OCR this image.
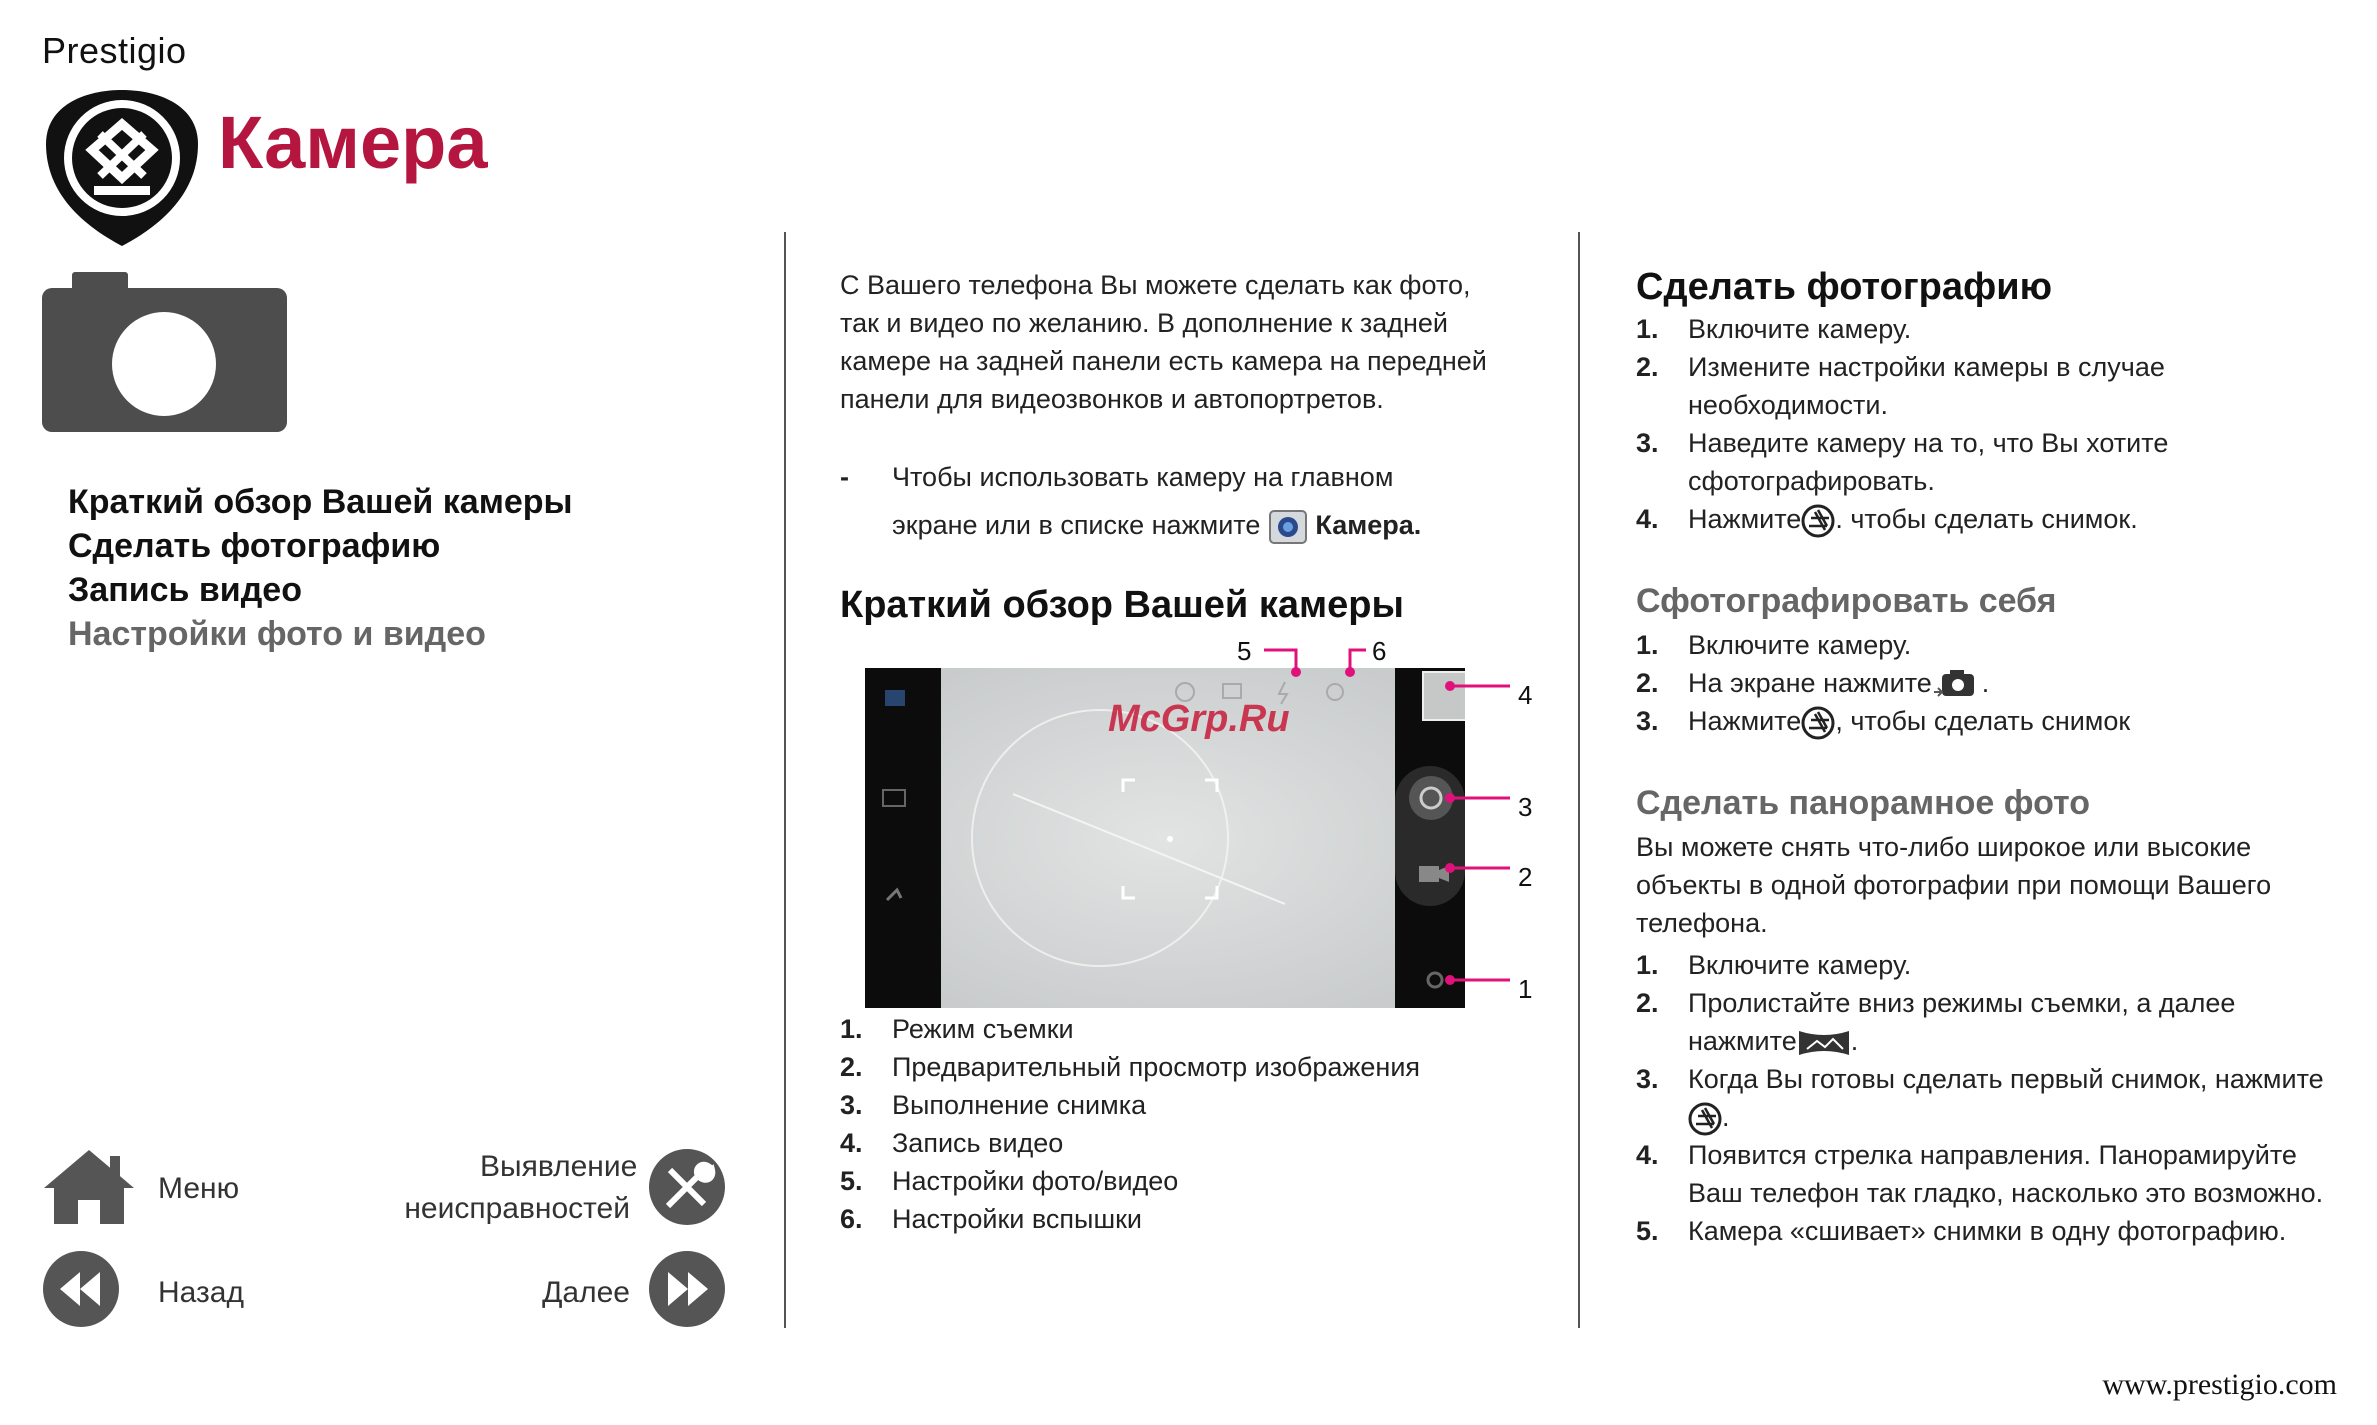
Prestigio
Камера
Краткий обзор Вашей камеры
Сделать фотографию
Запись видео
Настройки фото и видео
Меню
Выявление
неисправностей
Назад	Далее
С Вашего телефона Вы можете сделать как фото, так и видео по желанию. В дополнение к задней камере на задней панели есть камера на передней панели для видеозвонков и автопортретов.
- Чтобы использовать камеру на главном
экране или в списке нажмите Камера.
Краткий обзор Вашей камеры
5	6
4
3
2
1
McGrp.Ru
1. Режим съемки
2. Предварительный просмотр изображения
3. Выполнение снимка
4. Запись видео
5. Настройки фото/видео
6. Настройки вспышки
Сделать фотографию
1. Включите камеру.
2. Измените настройки камеры в случае необходимости.
3. Наведите камеру на то, что Вы хотите сфотографировать.
4. Нажмите . чтобы сделать снимок.
Сфотографировать себя
1. Включите камеру.
2. На экране нажмите .
3. Нажмите , чтобы сделать снимок
Сделать панорамное фото
Вы можете снять что-либо широкое или высокие объекты в одной фотографии при помощи Вашего телефона.
1. Включите камеру.
2. Пролистайте вниз режимы съемки, а далее нажмите .
3. Когда Вы готовы сделать первый снимок, нажмите.
4. Появится стрелка направления. Панорамируйте Ваш телефон так гладко, насколько это возможно.
5. Камера «сшивает» снимки в одну фотографию.
www.prestigio.com
